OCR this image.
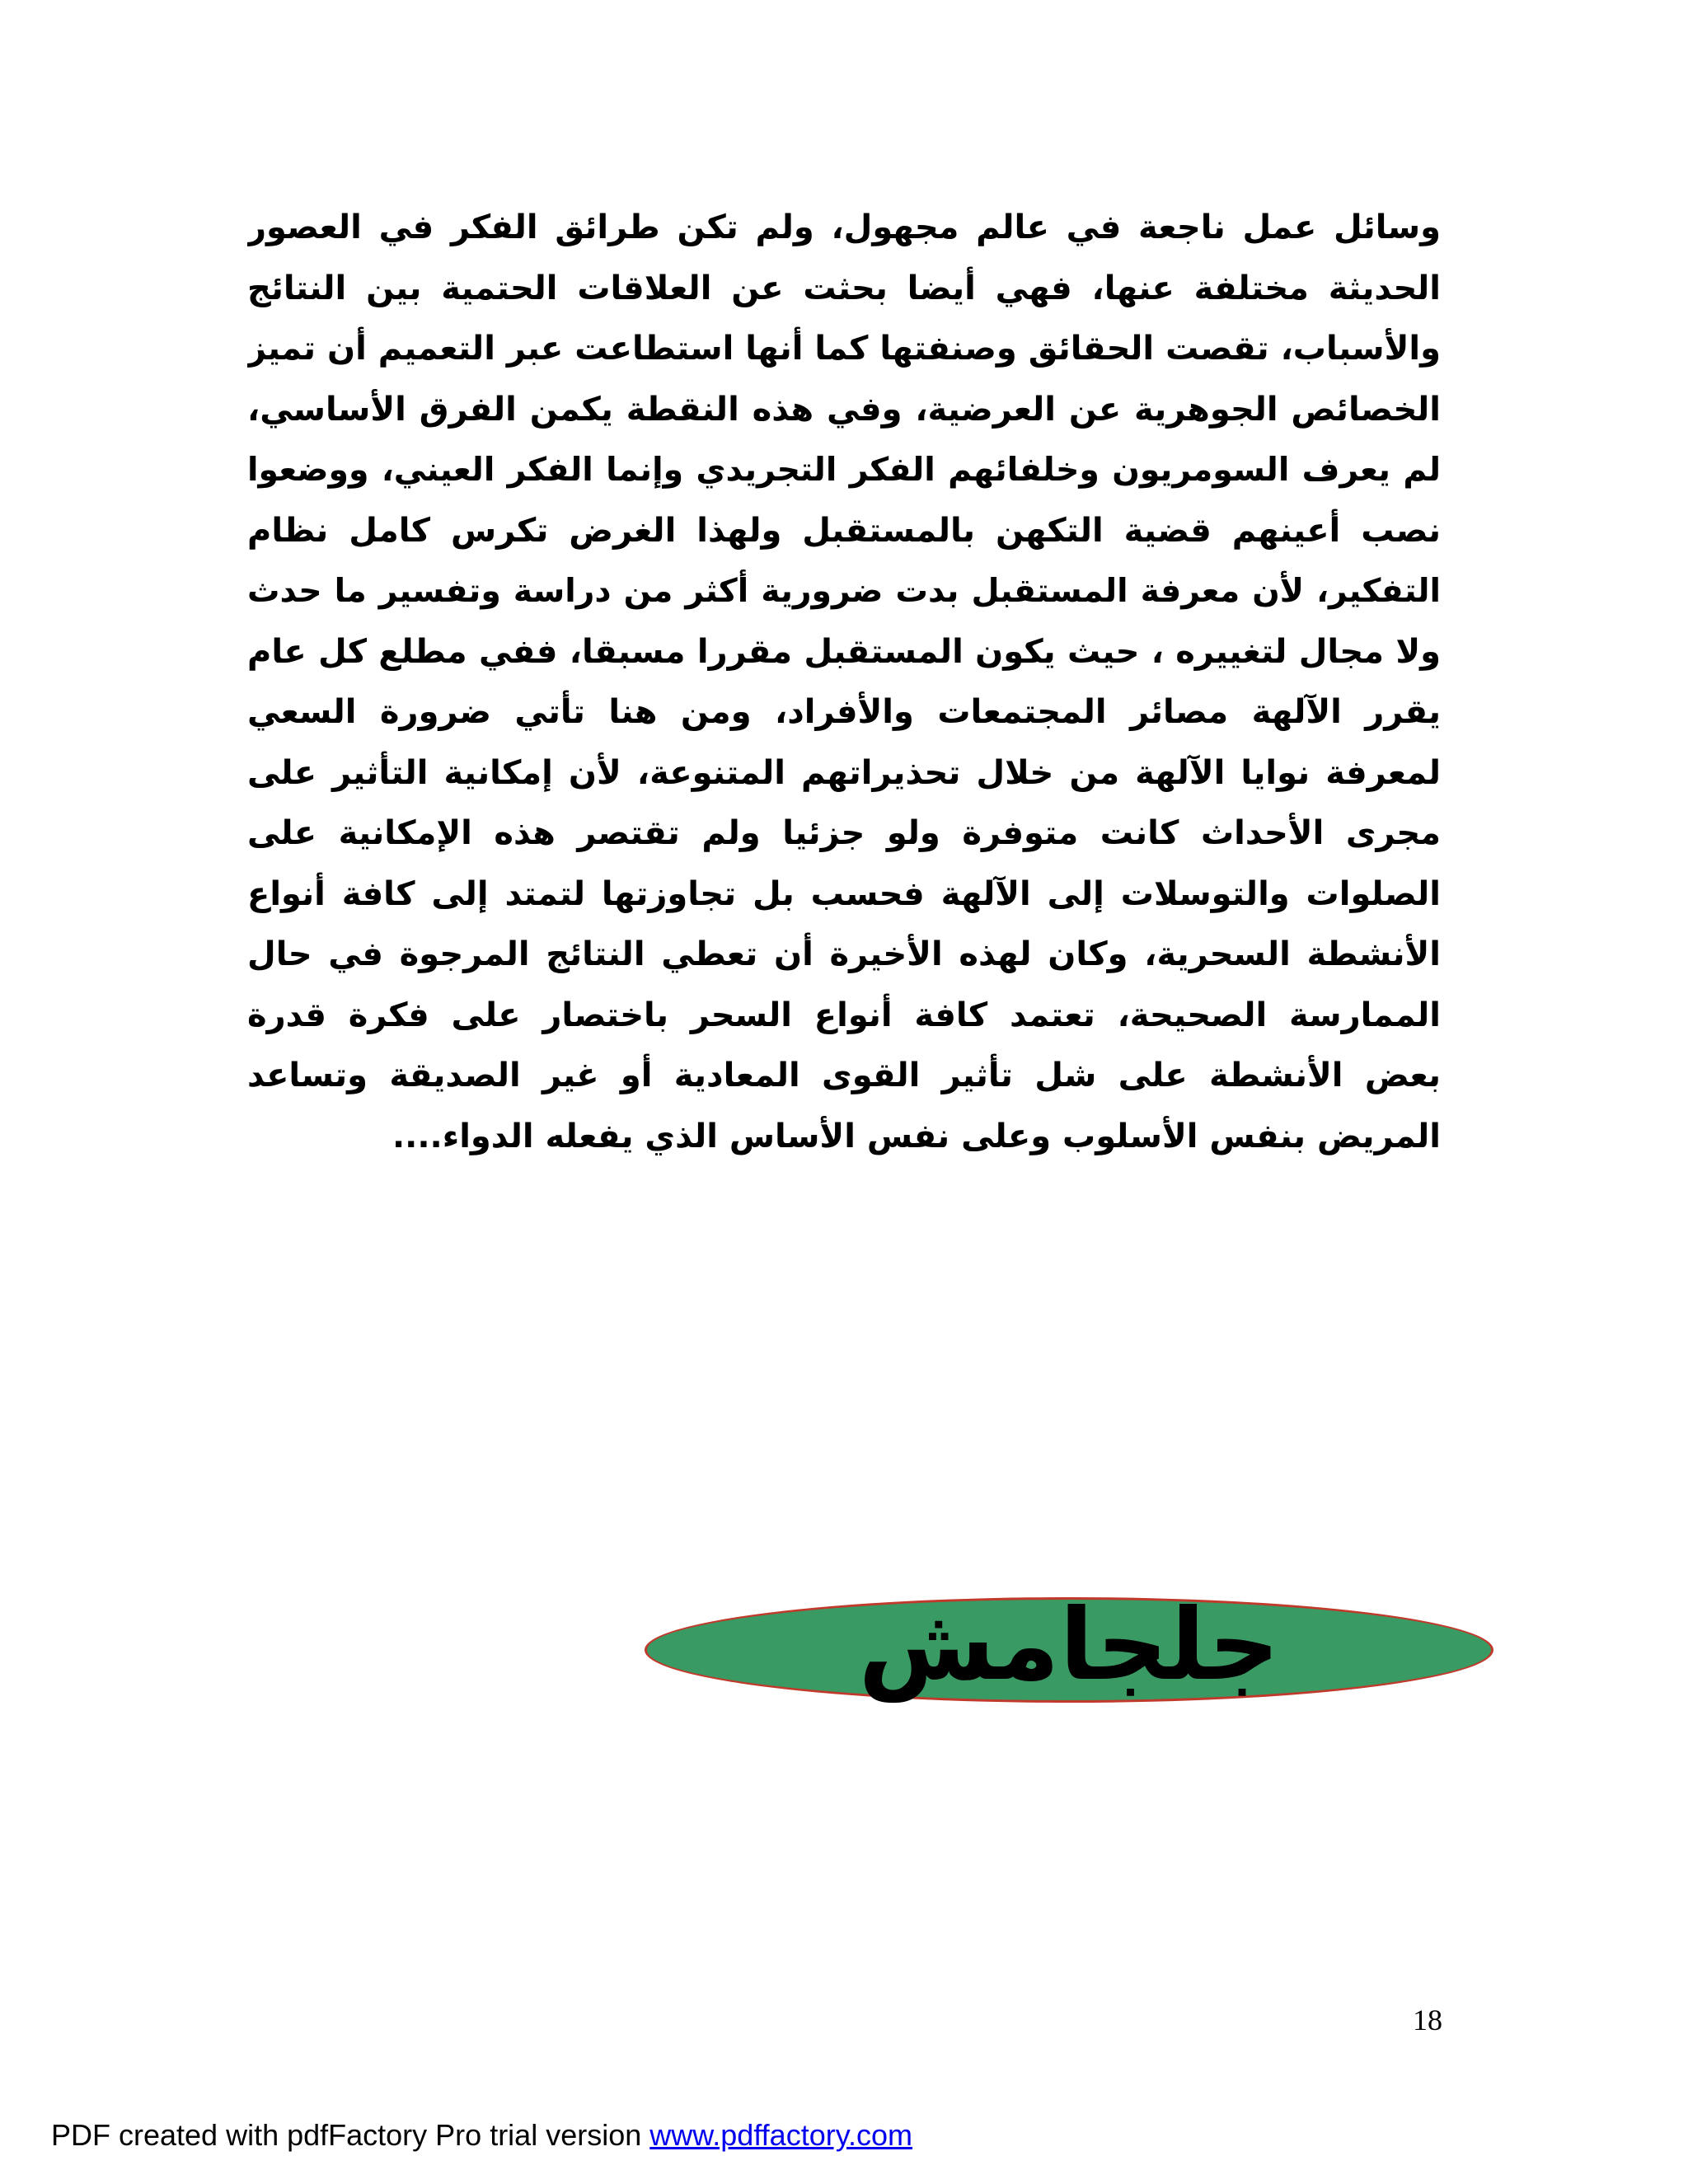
وسائل عمل ناجعة في عالم مجهول، ولم تكن طرائق الفكر في العصور
الحديثة مختلفة عنها، فهي أيضا بحثت عن العلاقات الحتمية بين النتائج
والأسباب، تقصت الحقائق وصنفتها كما أنها استطاعت عبر التعميم أن تميز
الخصائص الجوهرية عن العرضية، وفي هذه النقطة يكمن الفرق الأساسي،
لم يعرف السومريون وخلفائهم الفكر التجريدي وإنما الفكر العيني، ووضعوا
نصب أعينهم قضية التكهن بالمستقبل ولهذا الغرض تكرس كامل نظام
التفكير، لأن معرفة المستقبل بدت ضرورية أكثر من دراسة وتفسير ما حدث
ولا مجال لتغييره ، حيث يكون المستقبل مقررا مسبقا، ففي مطلع كل عام
يقرر الآلهة مصائر المجتمعات والأفراد، ومن هنا تأتي ضرورة السعي
لمعرفة نوايا الآلهة من خلال تحذيراتهم المتنوعة، لأن إمكانية التأثير على
مجرى الأحداث كانت متوفرة ولو جزئيا ولم تقتصر هذه الإمكانية على
الصلوات والتوسلات إلى الآلهة فحسب بل تجاوزتها لتمتد إلى كافة أنواع
الأنشطة السحرية، وكان لهذه الأخيرة أن تعطي النتائج المرجوة في حال
الممارسة الصحيحة، تعتمد كافة أنواع السحر باختصار على فكرة قدرة
بعض الأنشطة على شل تأثير القوى المعادية أو غير الصديقة وتساعد
المريض بنفس الأسلوب وعلى نفس الأساس الذي يفعله الدواء....
جلجامش
18
PDF created with pdfFactory Pro trial version www.pdffactory.com
